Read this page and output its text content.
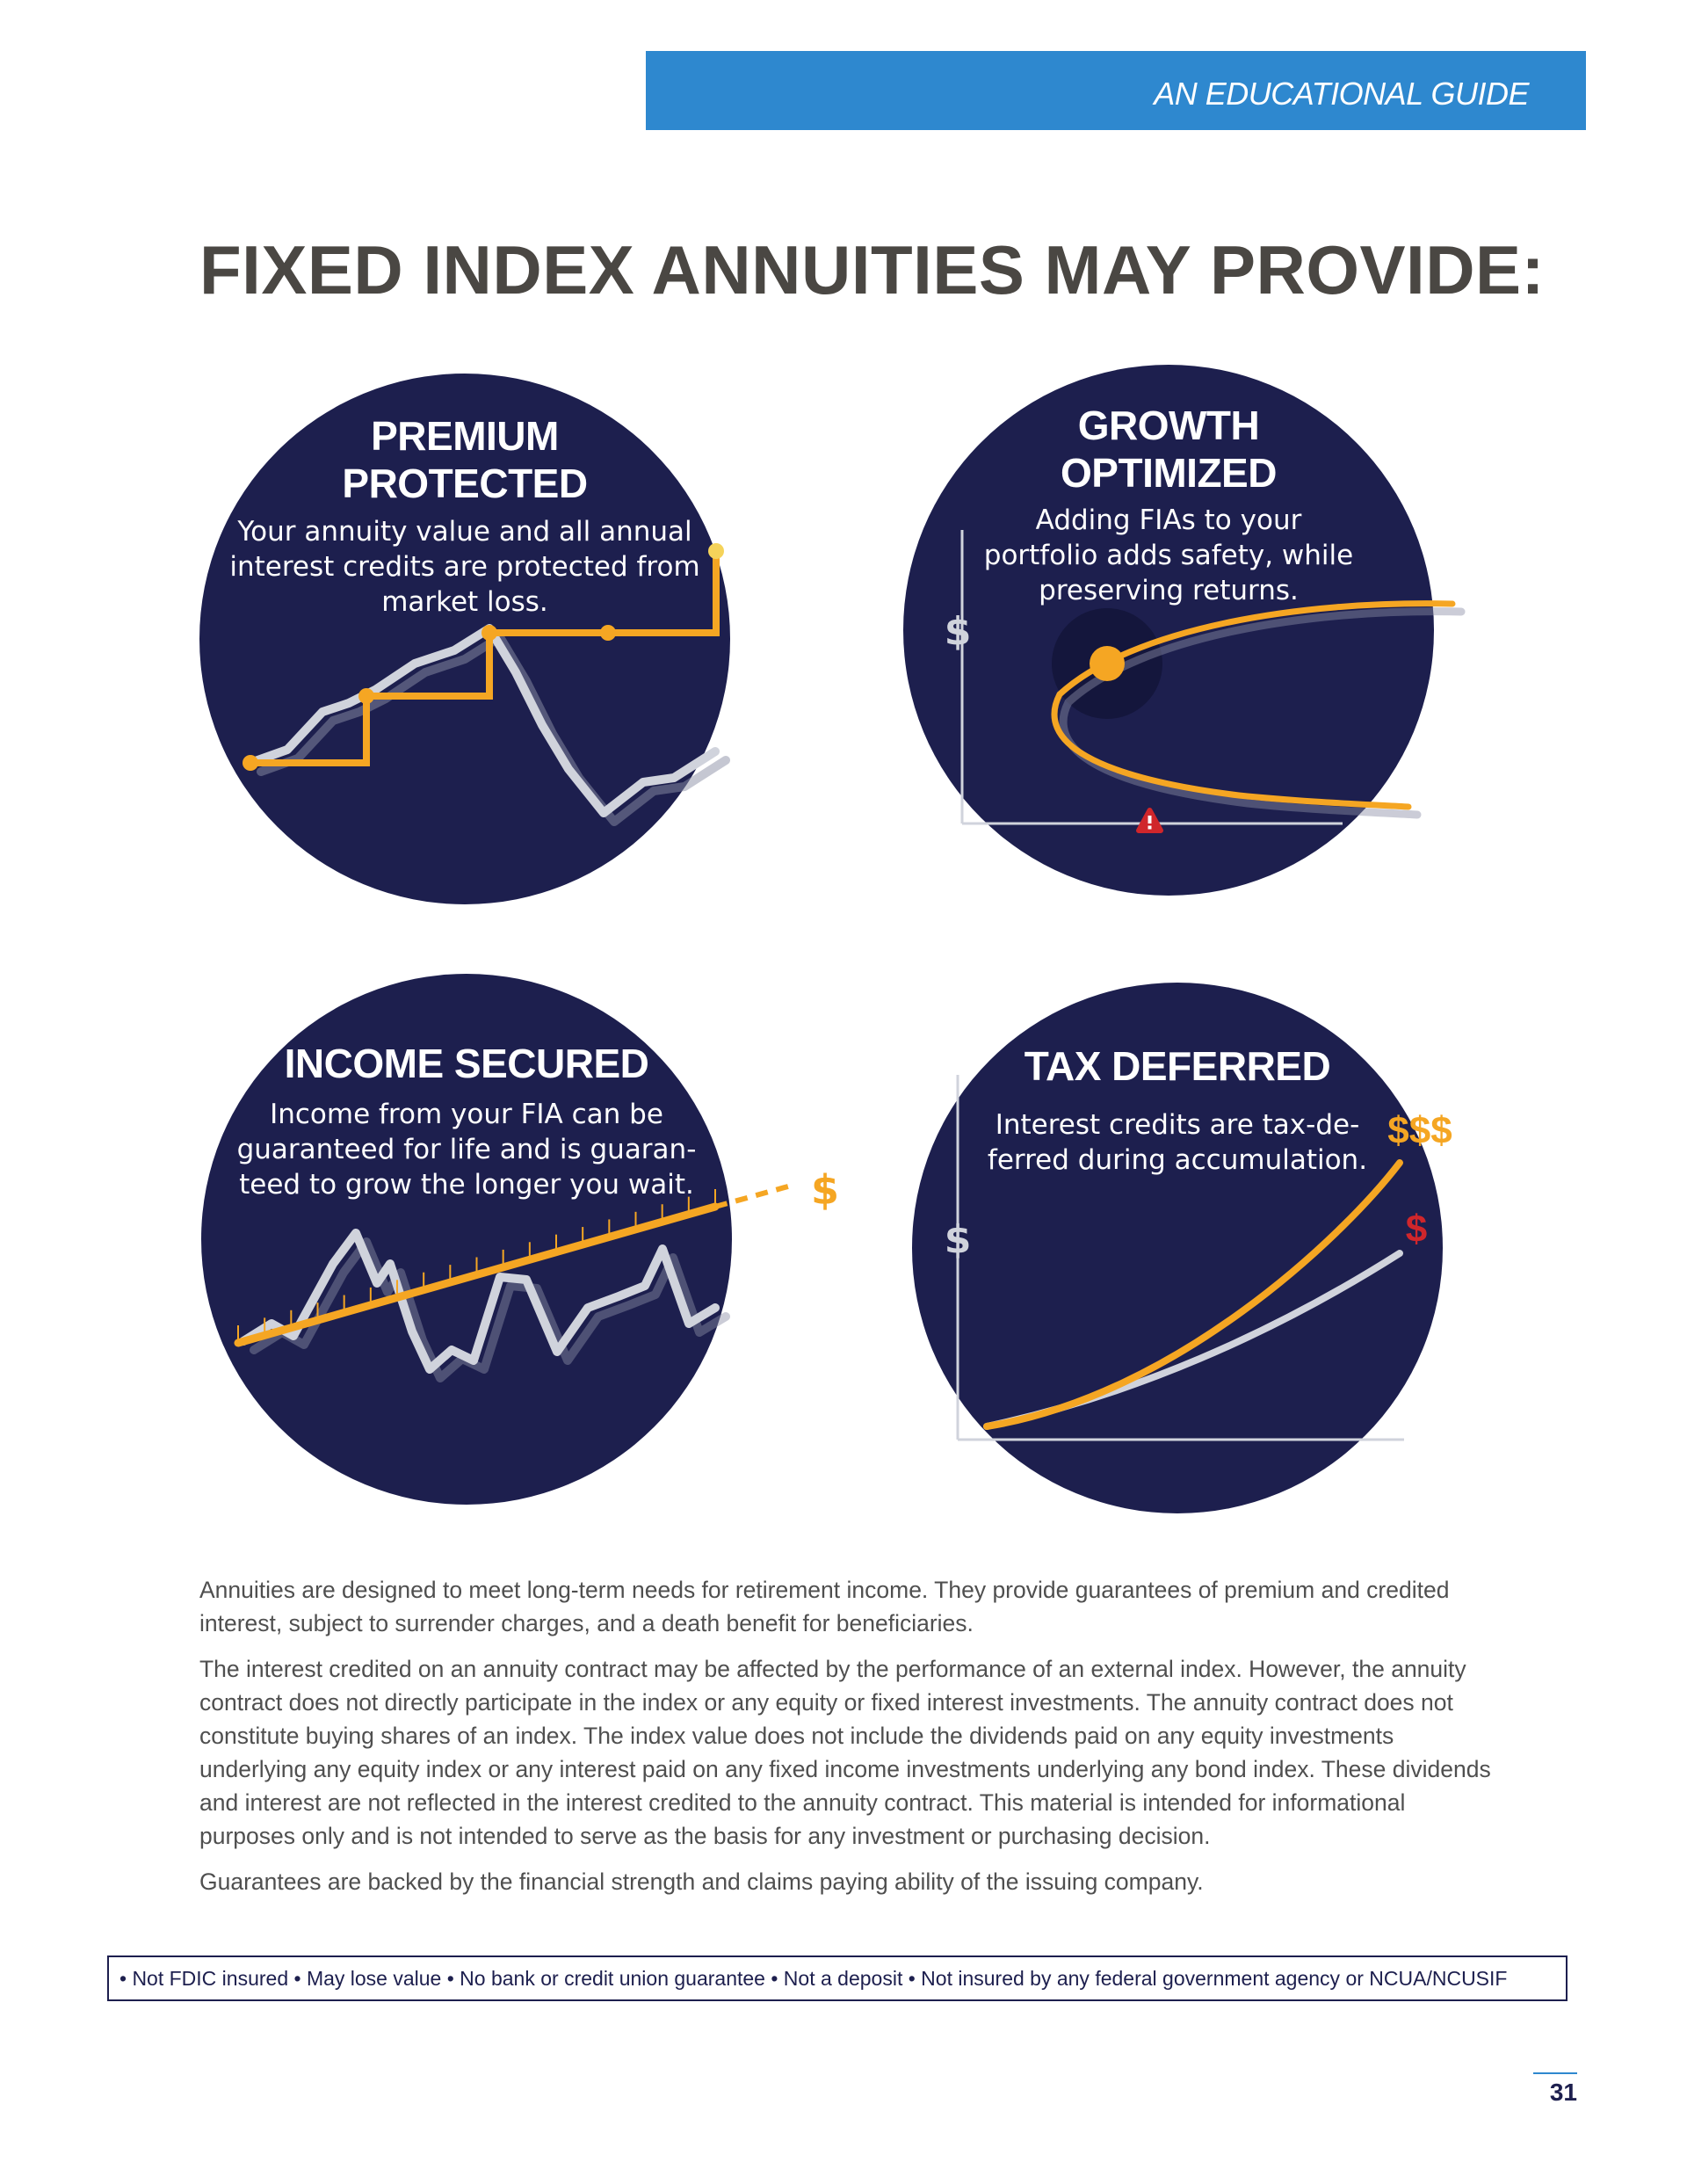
AN EDUCATIONAL GUIDE
FIXED INDEX ANNUITIES MAY PROVIDE:
PREMIUM
PROTECTED
Your annuity value and all annual
interest credits are protected from
market loss.
$
GROWTH
OPTIMIZED
Adding FIAs to your
portfolio adds safety, while
preserving returns.
$
INCOME SECURED
Income from your FIA can be
guaranteed for life and is guaran-
teed to grow the longer you wait.
$
$$$
$
TAX DEFERRED
Interest credits are tax-de-
ferred during accumulation.

Annuities are designed to meet long-term needs for retirement income. They provide guarantees of premium and credited interest, subject to surrender charges, and a death benefit for beneficiaries.

The interest credited on an annuity contract may be affected by the performance of an external index. However, the annuity contract does not directly participate in the index or any equity or fixed interest investments. The annuity contract does not constitute buying shares of an index. The index value does not include the dividends paid on any equity investments underlying any equity index or any interest paid on any fixed income investments underlying any bond index. These dividends and interest are not reflected in the interest credited to the annuity contract. This material is intended for informational purposes only and is not intended to serve as the basis for any investment or purchasing decision.

Guarantees are backed by the financial strength and claims paying ability of the issuing company.

• Not FDIC insured • May lose value • No bank or credit union guarantee • Not a deposit • Not insured by any federal government agency or NCUA/NCUSIF
31
